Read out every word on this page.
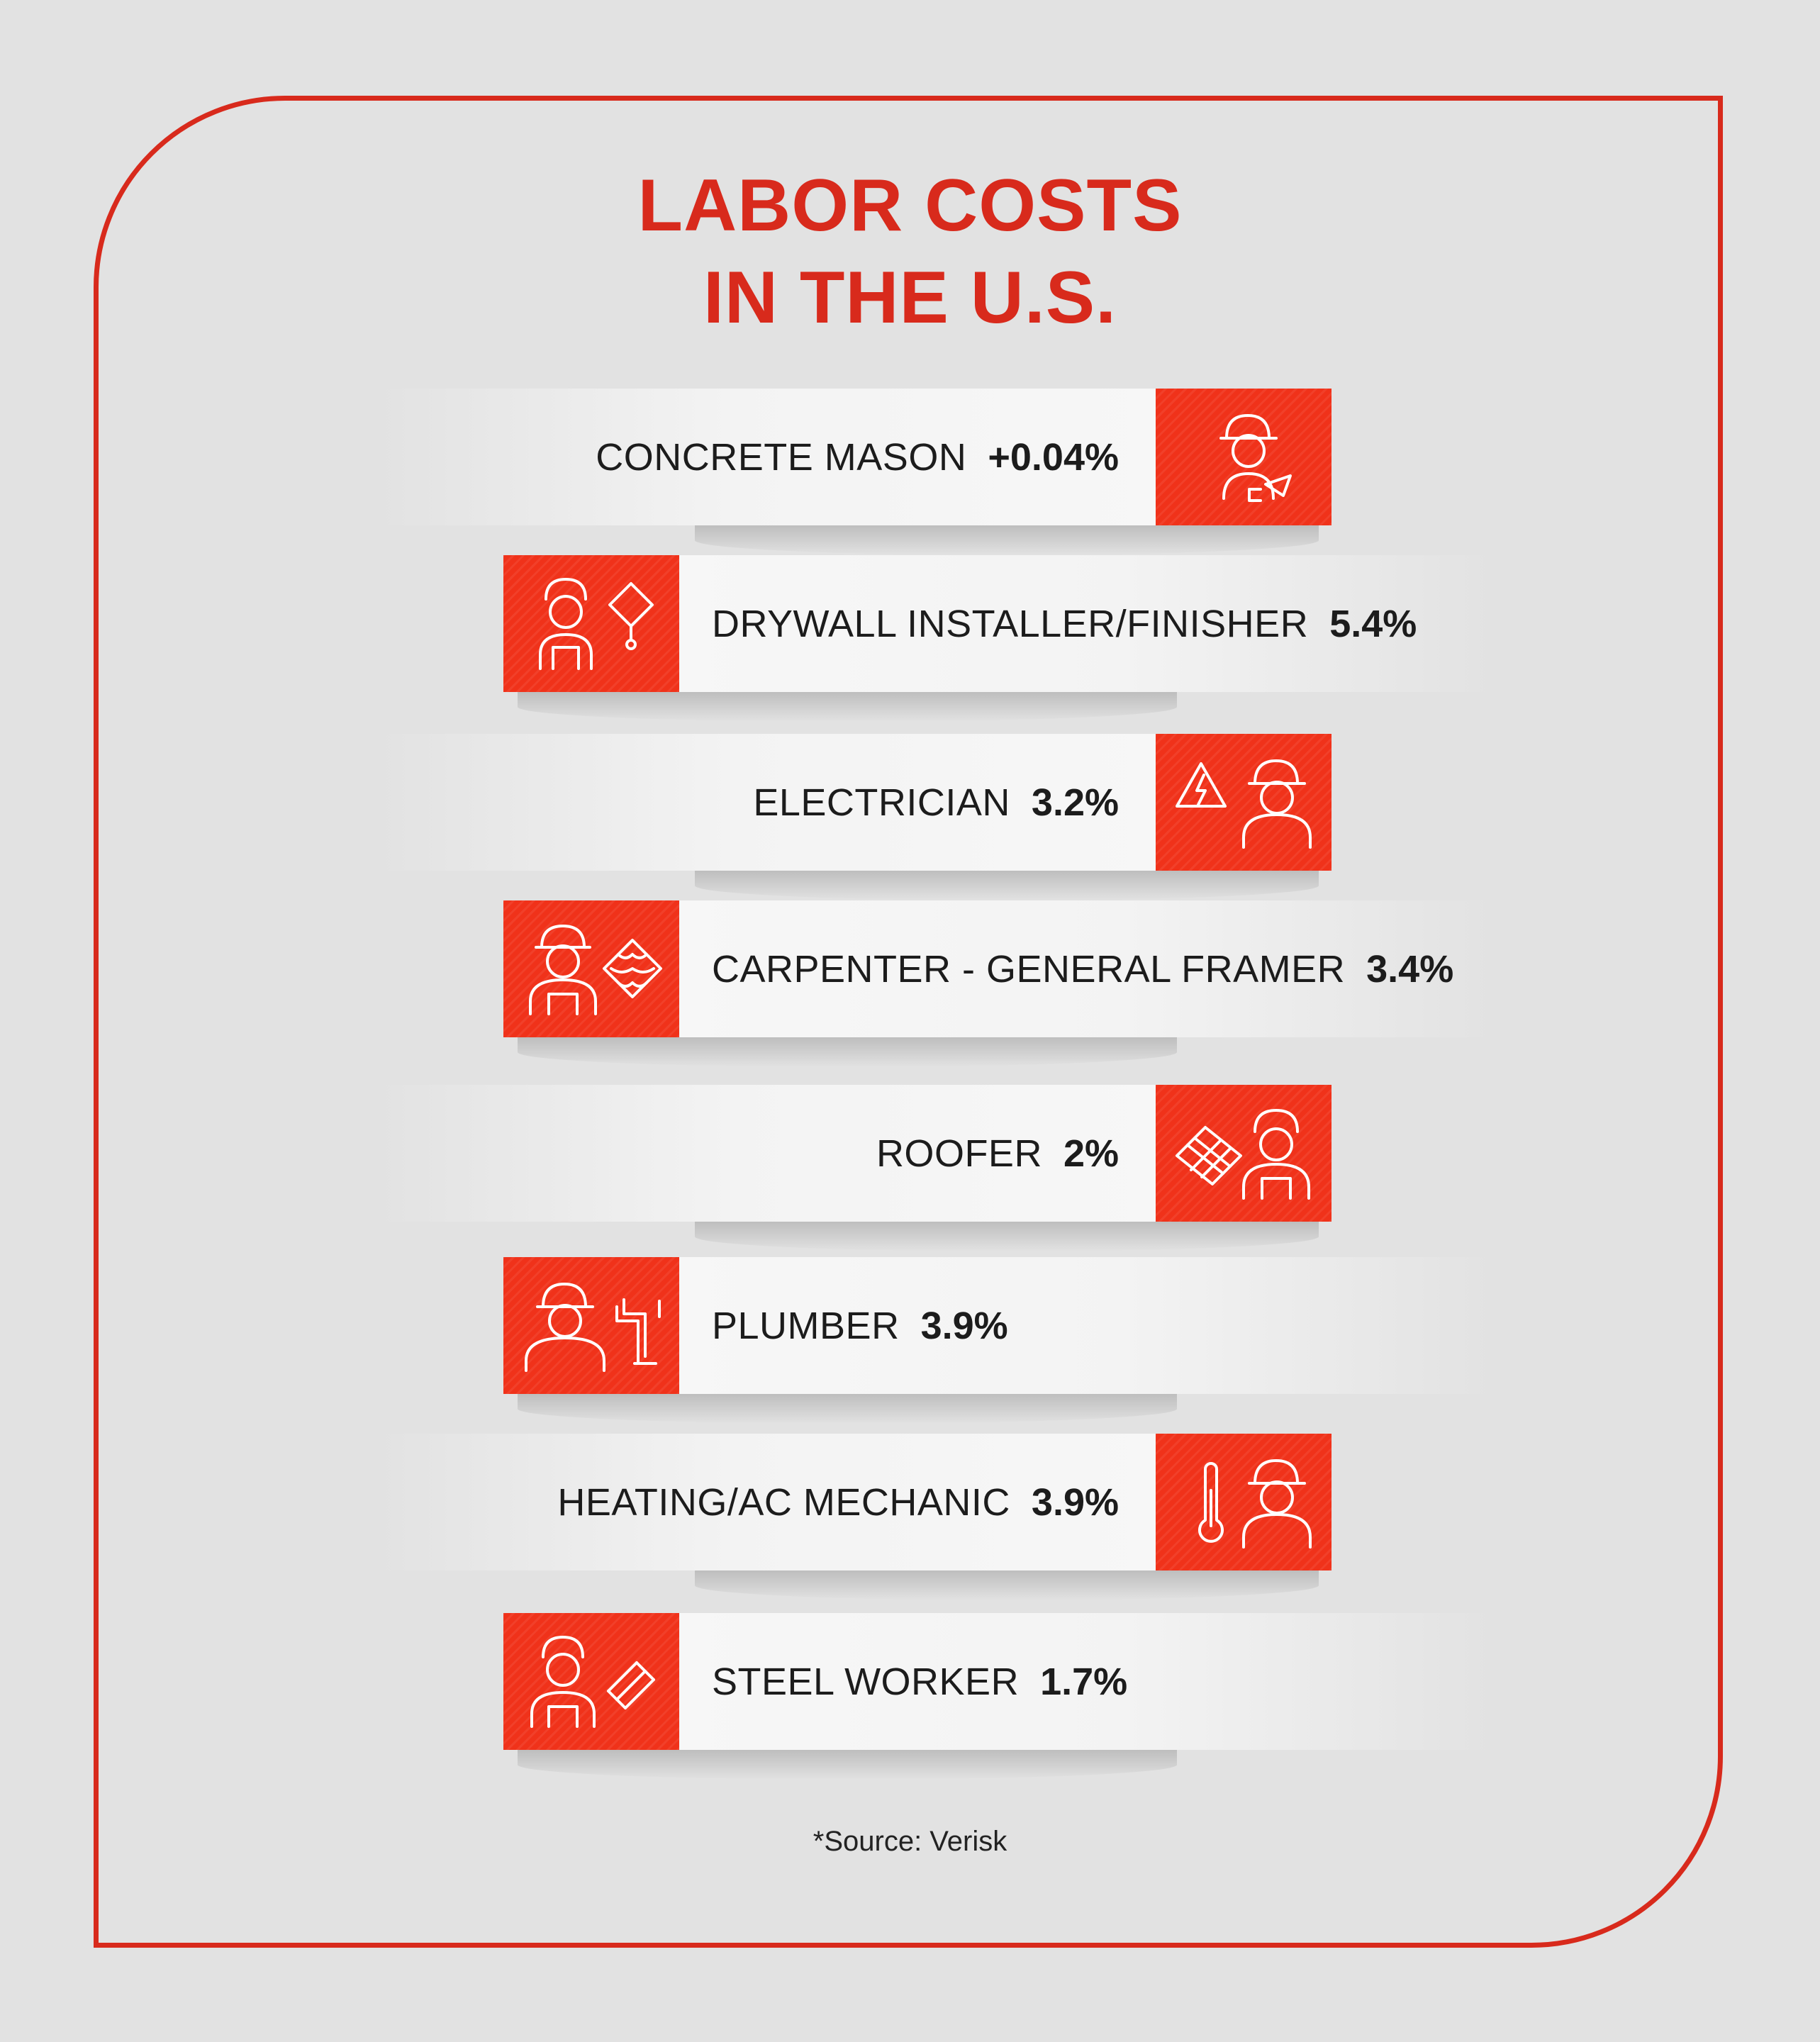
LABOR COSTS
IN THE U.S.
CONCRETE MASON +0.04%
DRYWALL INSTALLER/FINISHER 5.4%
ELECTRICIAN 3.2%
CARPENTER - GENERAL FRAMER 3.4%
ROOFER 2%
PLUMBER 3.9%
HEATING/AC MECHANIC 3.9%
STEEL WORKER 1.7%
*Source: Verisk
